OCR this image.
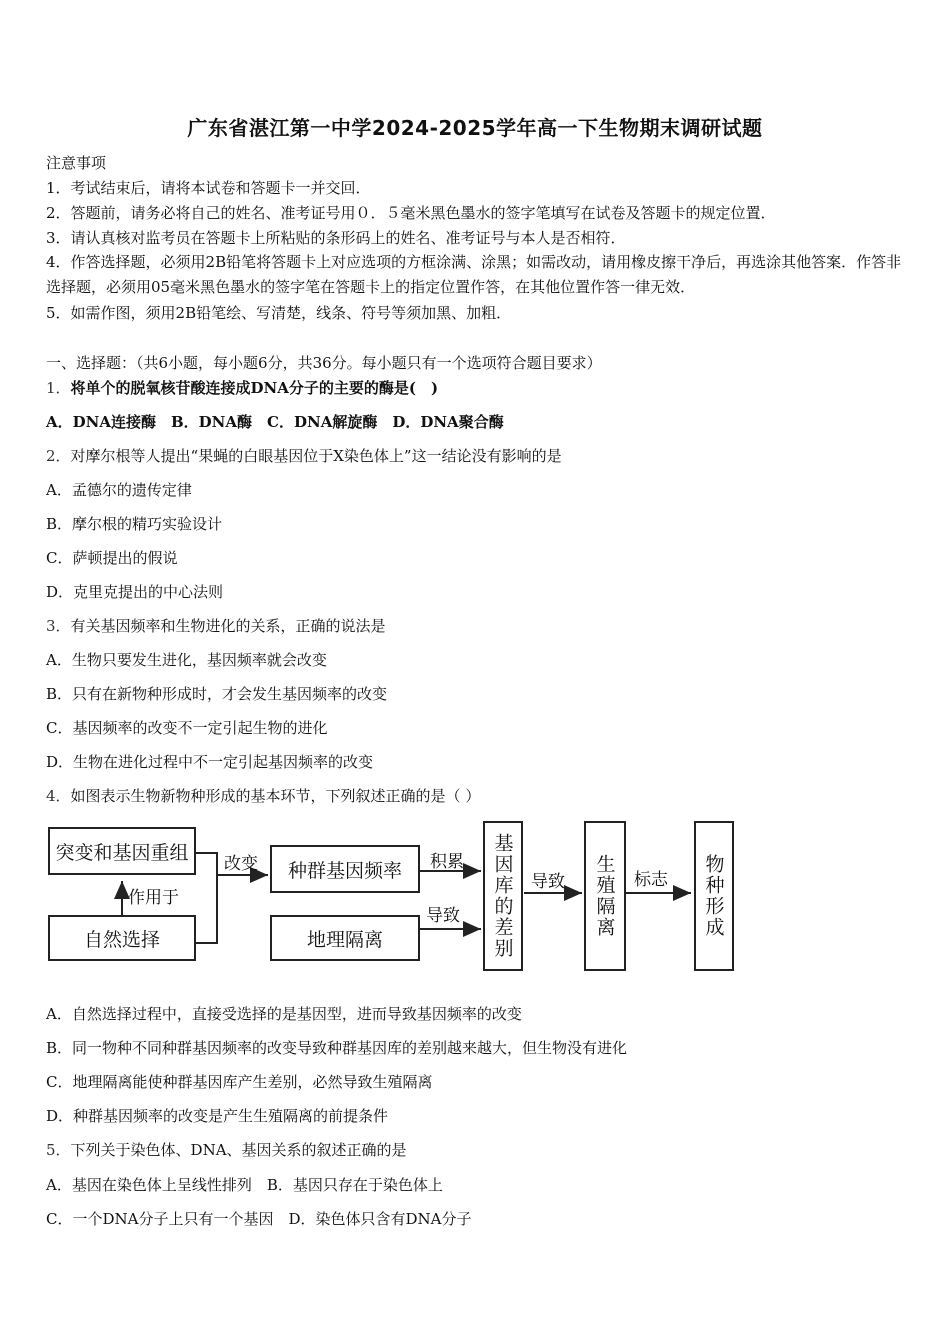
广东省湛江第一中学2024-2025学年高一下生物期末调研试题
注意事项
1．考试结束后，请将本试卷和答题卡一并交回．
2．答题前，请务必将自己的姓名、准考证号用０．５毫米黑色墨水的签字笔填写在试卷及答题卡的规定位置．
3．请认真核对监考员在答题卡上所粘贴的条形码上的姓名、准考证号与本人是否相符．
4．作答选择题，必须用2B铅笔将答题卡上对应选项的方框涂满、涂黑；如需改动，请用橡皮擦干净后，再选涂其他答案．作答非选择题，必须用05毫米黑色墨水的签字笔在答题卡上的指定位置作答，在其他位置作答一律无效．
5．如需作图，须用2B铅笔绘、写清楚，线条、符号等须加黑、加粗．
一、选择题：（共6小题，每小题6分，共36分。每小题只有一个选项符合题目要求）
1．将单个的脱氧核苷酸连接成DNA分子的主要的酶是(　)
A．DNA连接酶　B．DNA酶　C．DNA解旋酶　D．DNA聚合酶
2．对摩尔根等人提出“果蝇的白眼基因位于X染色体上”这一结论没有影响的是
A．孟德尔的遗传定律
B．摩尔根的精巧实验设计
C．萨顿提出的假说
D．克里克提出的中心法则
3．有关基因频率和生物进化的关系，正确的说法是
A．生物只要发生进化，基因频率就会改变
B．只有在新物种形成时，才会发生基因频率的改变
C．基因频率的改变不一定引起生物的进化
D．生物在进化过程中不一定引起基因频率的改变
4．如图表示生物新物种形成的基本环节，下列叙述正确的是（ ）
突变和基因重组
自然选择
种群基因频率
地理隔离	基因库的差别	生殖隔离	物种形成
作用于
改变	积累
导致
导致	标志
A．自然选择过程中，直接受选择的是基因型，进而导致基因频率的改变
B．同一物种不同种群基因频率的改变导致种群基因库的差别越来越大，但生物没有进化
C．地理隔离能使种群基因库产生差别，必然导致生殖隔离
D．种群基因频率的改变是产生生殖隔离的前提条件
5．下列关于染色体、DNA、基因关系的叙述正确的是
A．基因在染色体上呈线性排列　B．基因只存在于染色体上
C．一个DNA分子上只有一个基因　D．染色体只含有DNA分子
